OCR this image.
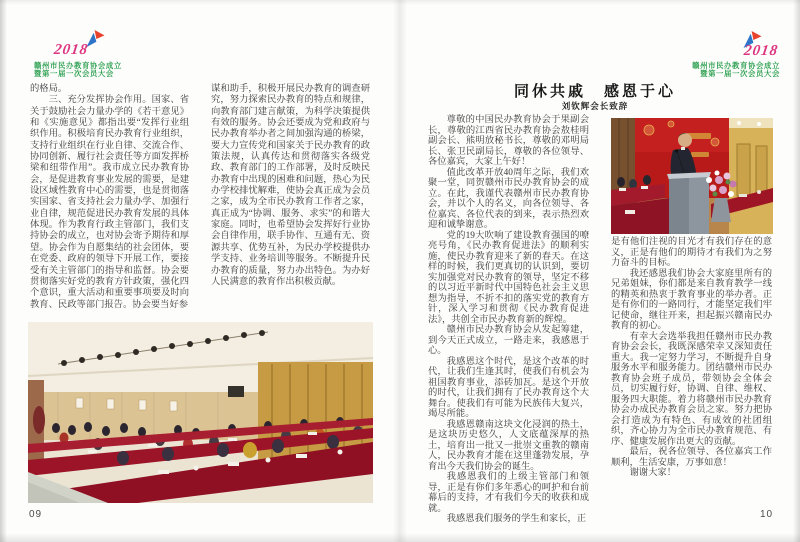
2018
赣州市民办教育协会成立
暨第一届一次会员大会

的格局。

三、充分发挥协会作用。国家、省关于鼓励社会力量办学的《若干意见》和《实施意见》都指出要“发挥行业组织作用。积极培育民办教育行业组织，支持行业组织在行业自律、交流合作、协同创新、履行社会责任等方面发挥桥梁和纽带作用”。我市成立民办教育协会，是促进教育事业发展的需要，是建设区域性教育中心的需要，也是贯彻落实国家、省支持社会力量办学、加强行业自律，规范促进民办教育发展的具体体现。作为教育行政主管部门，我们支持协会的成立，也对协会寄予期待和厚望。协会作为自愿集结的社会团体，要在党委、政府的领导下开展工作，要接受有关主管部门的指导和监督。协会要贯彻落实好党的教育方针政策，强化四个意识，重大活动和重要事项要及时向教育、民政等部门报告。协会要当好参

谋和助手，积极开展民办教育的调查研究，努力探索民办教育的特点和规律，向教育部门建言献策，为科学决策提供有效的服务。协会还要成为党和政府与民办教育举办者之间加强沟通的桥梁，要大力宣传党和国家关于民办教育的政策法规，认真传达和贯彻落实各级党政、教育部门的工作部署，及时反映民办教育中出现的困难和问题，热心为民办学校排忧解难，使协会真正成为会员之家，成为全市民办教育工作者之家，真正成为“协调、服务、求实”的和谐大家庭。同时，也希望协会发挥好行业协会自律作用，联手协作、互通有无、资源共享、优势互补，为民办学校提供办学支持、业务培训等服务。不断提升民办教育的质量，努力办出特色。为办好人民满意的教育作出积极贡献。

09
2018
赣州市民办教育协会成立
暨第一届一次会员大会
同休共戚　感恩于心
刘钦辉会长致辞

尊敬的中国民办教育协会于果副会长，尊敬的江西省民办教育协会敖桂明副会长、熊明放秘书长，尊敬的邓明局长、张卫民副局长，尊敬的各位领导、各位嘉宾，大家上午好！

值此改革开放40周年之际，我们欢聚一堂，同贺赣州市民办教育协会的成立。在此，我谨代表赣州市民办教育协会，并以个人的名义，向各位领导、各位嘉宾、各位代表的到来，表示热烈欢迎和诚挚谢意。

党的19大吹响了建设教育强国的嘹亮号角，《民办教育促进法》的顺利实施，使民办教育迎来了新的春天。在这样的时候，我们更真切的认识到，要切实加强党对民办教育的领导，坚定不移的以习近平新时代中国特色社会主义思想为指导，不折不扣的落实党的教育方针，深入学习和贯彻《民办教育促进法》，共创全市民办教育新的辉煌。

赣州市民办教育协会从发起筹建，到今天正式成立，一路走来，我感恩于心。

我感恩这个时代，是这个改革的时代，让我们生逢其时，使我们有机会为祖国教育事业，添砖加瓦。是这个开放的时代，让我们拥有了民办教育这个大舞台。使我们有可能为民族伟大复兴，竭尽所能。

我感恩赣南这块文化浸润的热土，是这块历史悠久，人文底蕴深厚的热土，培育出一批又一批崇文重教的赣南人，民办教育才能在这里蓬勃发展，孕育出今天我们协会的诞生。

我感恩我们的上级主管部门和领导，正是有你们多年悉心的呵护和台前幕后的支持，才有我们今天的收获和成就。

我感恩我们服务的学生和家长，正

是有他们注视的目光才有我们存在的意义，正是有他们的期待才有我们为之努力奋斗的目标。

我还感恩我们协会大家庭里所有的兄弟姐妹，你们都是来自教育教学一线的精英和热衷于教育事业的举办者。正是有你们的一路同行，才能坚定我们牢记使命，继往开来，担起振兴赣南民办教育的初心。

有幸大会选举我担任赣州市民办教育协会会长，我既深感荣幸又深知责任重大。我一定努力学习，不断提升自身服务水平和服务能力。团结赣州市民办教育协会班子成员，带领协会全体会员，切实履行好，协调、自律、维权、服务四大职能。着力将赣州市民办教育协会办成民办教育会员之家。努力把协会打造成为有特色、有成效的社团组织，齐心协力为全市民办教育规范、有序、健康发展作出更大的贡献。

最后，祝各位领导、各位嘉宾工作顺利，生活安康，万事如意！

谢谢大家！

10
